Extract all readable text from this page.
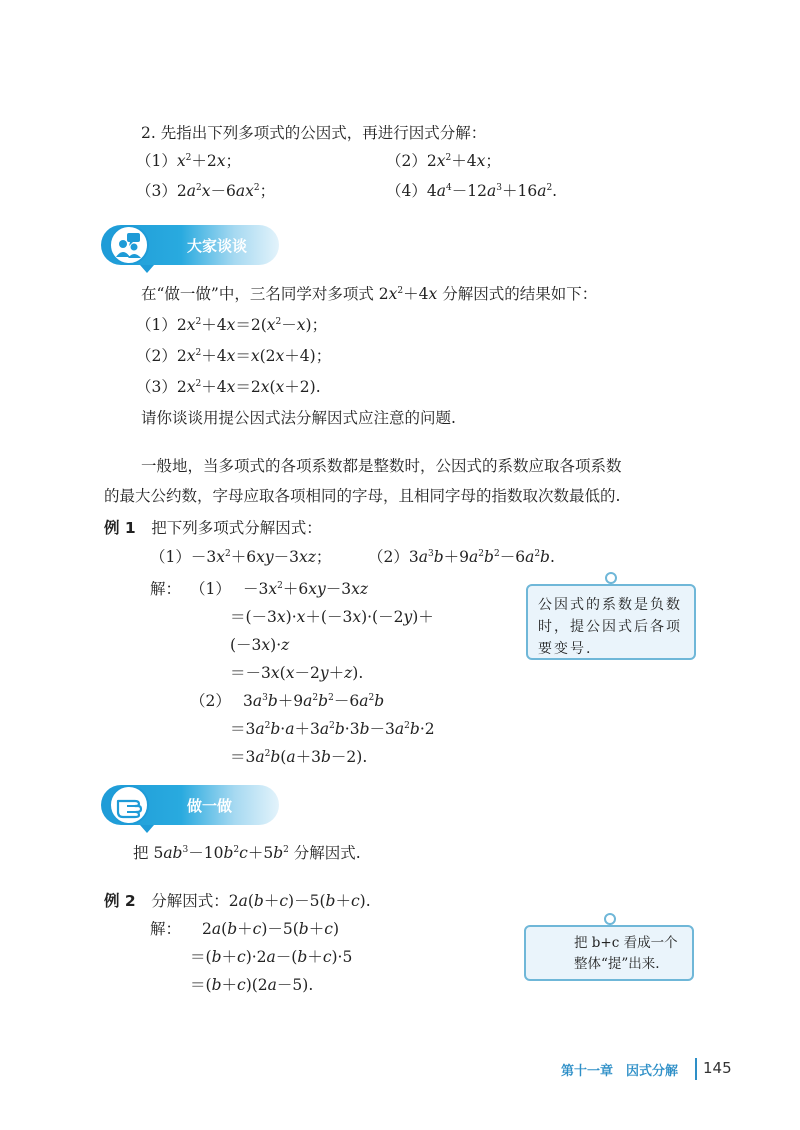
2. 先指出下列多项式的公因式，再进行因式分解：
$(1)x^2+2x$；	$(2)2x^2+4x$；
$(3)2a^2x-6ax^2$；	$(4)4a^4-12a^3+16a^2$.
大家谈谈
在“做一做”中，三名同学对多项式 $2x^2+4x$ 分解因式的结果如下：
$(1)2x^2+4x=2(x^2-x)$；
$(2)2x^2+4x=x(2x+4)$；
$(3)2x^2+4x=2x(x+2)$.
请你谈谈用提公因式法分解因式应注意的问题.
一般地，当多项式的各项系数都是整数时，公因式的系数应取各项系数
的最大公约数，字母应取各项相同的字母，且相同字母的指数取次数最低的.
例 1　 把下列多项式分解因式：
$(1)-3x^2+6xy-3xz$； $(2)3a^3b+9a^2b^2-6a^2b$.
解： $(1) -3x^2+6xy-3xz$
＝(－3x)·x＋(－3x)·(－2y)＋
(－3x)·z
＝－3x(x－2y＋z).
（2） $3a^3b+9a^2b^2-6a^2b$
$=3a^2b\cdot a+3a^2b\cdot 3b-3a^2b\cdot 2$
$=3a^2b(a+3b-2)$.
公因式的系数是负数时，提公因式后各项要变号.
做一做
把 $5ab^3-10b^2c+5b^2$ 分解因式.
例 2　 分解因式：2a(b＋c)－5(b＋c).
解： 2a(b＋c)－5(b＋c)
＝(b＋c)·2a－(b＋c)·5
＝(b＋c)(2a－5).
把 b+c 看成一个整体“提”出来.
第十一章　因式分解 145
